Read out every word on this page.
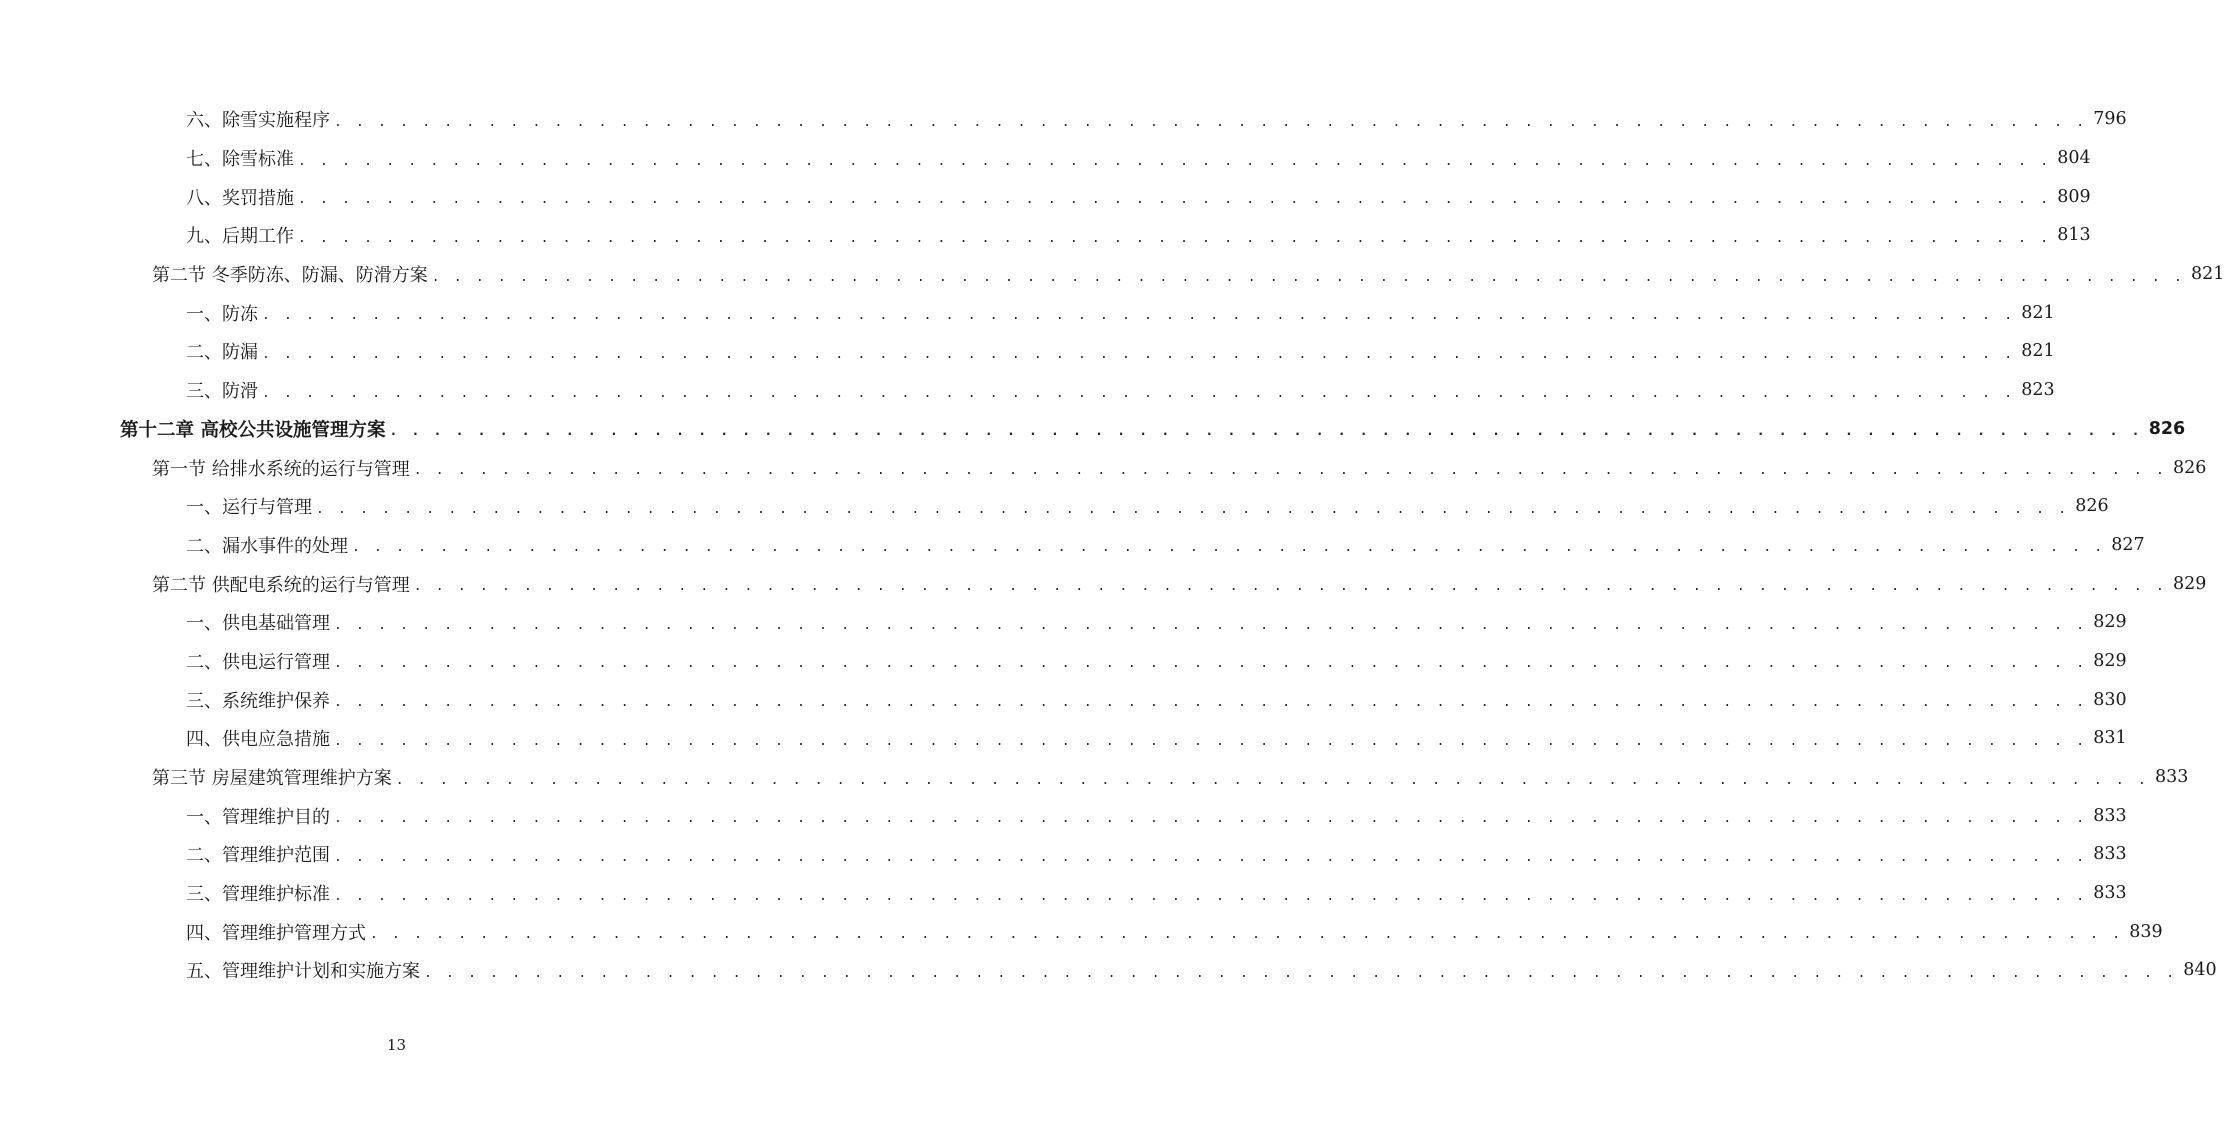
六、除雪实施程序 . . . . . . . . . . . . . . . . . . . . . . . . . . . . . . . . . . . . . . . . . . . . . . . . . . . . . . . . . . . . . . . . . . . . . . . . . . . . . . . . 796
七、除雪标准 . . . . . . . . . . . . . . . . . . . . . . . . . . . . . . . . . . . . . . . . . . . . . . . . . . . . . . . . . . . . . . . . . . . . . . . . . . . . . . . . 804
八、奖罚措施 . . . . . . . . . . . . . . . . . . . . . . . . . . . . . . . . . . . . . . . . . . . . . . . . . . . . . . . . . . . . . . . . . . . . . . . . . . . . . . . . 809
九、后期工作 . . . . . . . . . . . . . . . . . . . . . . . . . . . . . . . . . . . . . . . . . . . . . . . . . . . . . . . . . . . . . . . . . . . . . . . . . . . . . . . . 813
第二节 冬季防冻、防漏、防滑方案 . . . . . . . . . . . . . . . . . . . . . . . . . . . . . . . . . . . . . . . . . . . . . . . . . . . . . . . . . . . . . . . . . . . . . . . . . . . . . . . . 821
一、防冻 . . . . . . . . . . . . . . . . . . . . . . . . . . . . . . . . . . . . . . . . . . . . . . . . . . . . . . . . . . . . . . . . . . . . . . . . . . . . . . . . 821
二、防漏 . . . . . . . . . . . . . . . . . . . . . . . . . . . . . . . . . . . . . . . . . . . . . . . . . . . . . . . . . . . . . . . . . . . . . . . . . . . . . . . . 821
三、防滑 . . . . . . . . . . . . . . . . . . . . . . . . . . . . . . . . . . . . . . . . . . . . . . . . . . . . . . . . . . . . . . . . . . . . . . . . . . . . . . . . 823
第十二章 高校公共设施管理方案 . . . . . . . . . . . . . . . . . . . . . . . . . . . . . . . . . . . . . . . . . . . . . . . . . . . . . . . . . . . . . . . . . . . . . . . . . . . . . . . . 826
第一节 给排水系统的运行与管理 . . . . . . . . . . . . . . . . . . . . . . . . . . . . . . . . . . . . . . . . . . . . . . . . . . . . . . . . . . . . . . . . . . . . . . . . . . . . . . . . 826
一、运行与管理 . . . . . . . . . . . . . . . . . . . . . . . . . . . . . . . . . . . . . . . . . . . . . . . . . . . . . . . . . . . . . . . . . . . . . . . . . . . . . . . . 826
二、漏水事件的处理 . . . . . . . . . . . . . . . . . . . . . . . . . . . . . . . . . . . . . . . . . . . . . . . . . . . . . . . . . . . . . . . . . . . . . . . . . . . . . . . . 827
第二节 供配电系统的运行与管理 . . . . . . . . . . . . . . . . . . . . . . . . . . . . . . . . . . . . . . . . . . . . . . . . . . . . . . . . . . . . . . . . . . . . . . . . . . . . . . . . 829
一、供电基础管理 . . . . . . . . . . . . . . . . . . . . . . . . . . . . . . . . . . . . . . . . . . . . . . . . . . . . . . . . . . . . . . . . . . . . . . . . . . . . . . . . 829
二、供电运行管理 . . . . . . . . . . . . . . . . . . . . . . . . . . . . . . . . . . . . . . . . . . . . . . . . . . . . . . . . . . . . . . . . . . . . . . . . . . . . . . . . 829
三、系统维护保养 . . . . . . . . . . . . . . . . . . . . . . . . . . . . . . . . . . . . . . . . . . . . . . . . . . . . . . . . . . . . . . . . . . . . . . . . . . . . . . . . 830
四、供电应急措施 . . . . . . . . . . . . . . . . . . . . . . . . . . . . . . . . . . . . . . . . . . . . . . . . . . . . . . . . . . . . . . . . . . . . . . . . . . . . . . . . 831
第三节 房屋建筑管理维护方案 . . . . . . . . . . . . . . . . . . . . . . . . . . . . . . . . . . . . . . . . . . . . . . . . . . . . . . . . . . . . . . . . . . . . . . . . . . . . . . . . 833
一、管理维护目的 . . . . . . . . . . . . . . . . . . . . . . . . . . . . . . . . . . . . . . . . . . . . . . . . . . . . . . . . . . . . . . . . . . . . . . . . . . . . . . . . 833
二、管理维护范围 . . . . . . . . . . . . . . . . . . . . . . . . . . . . . . . . . . . . . . . . . . . . . . . . . . . . . . . . . . . . . . . . . . . . . . . . . . . . . . . . 833
三、管理维护标准 . . . . . . . . . . . . . . . . . . . . . . . . . . . . . . . . . . . . . . . . . . . . . . . . . . . . . . . . . . . . . . . . . . . . . . . . . . . . . . . . 833
四、管理维护管理方式 . . . . . . . . . . . . . . . . . . . . . . . . . . . . . . . . . . . . . . . . . . . . . . . . . . . . . . . . . . . . . . . . . . . . . . . . . . . . . . . . 839
五、管理维护计划和实施方案 . . . . . . . . . . . . . . . . . . . . . . . . . . . . . . . . . . . . . . . . . . . . . . . . . . . . . . . . . . . . . . . . . . . . . . . . . . . . . . . . 840
13
